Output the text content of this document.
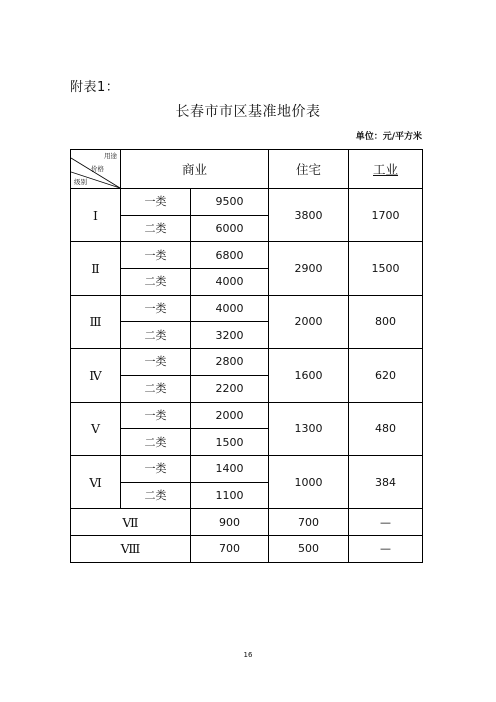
附表1：
长春市市区基准地价表
单位：元/平方米
用途
价格
级别	商业		住宅	工业
Ⅰ	一类	9500	3800	1700
	二类	6000		
Ⅱ	一类	6800	2900	1500
	二类	4000		
Ⅲ	一类	4000	2000	800
	二类	3200		
Ⅳ	一类	2800	1600	620
	二类	2200		
Ⅴ	一类	2000	1300	480
	二类	1500		
Ⅵ	一类	1400	1000	384
	二类	1100		
Ⅶ		900	700	—
Ⅷ		700	500	—
16
